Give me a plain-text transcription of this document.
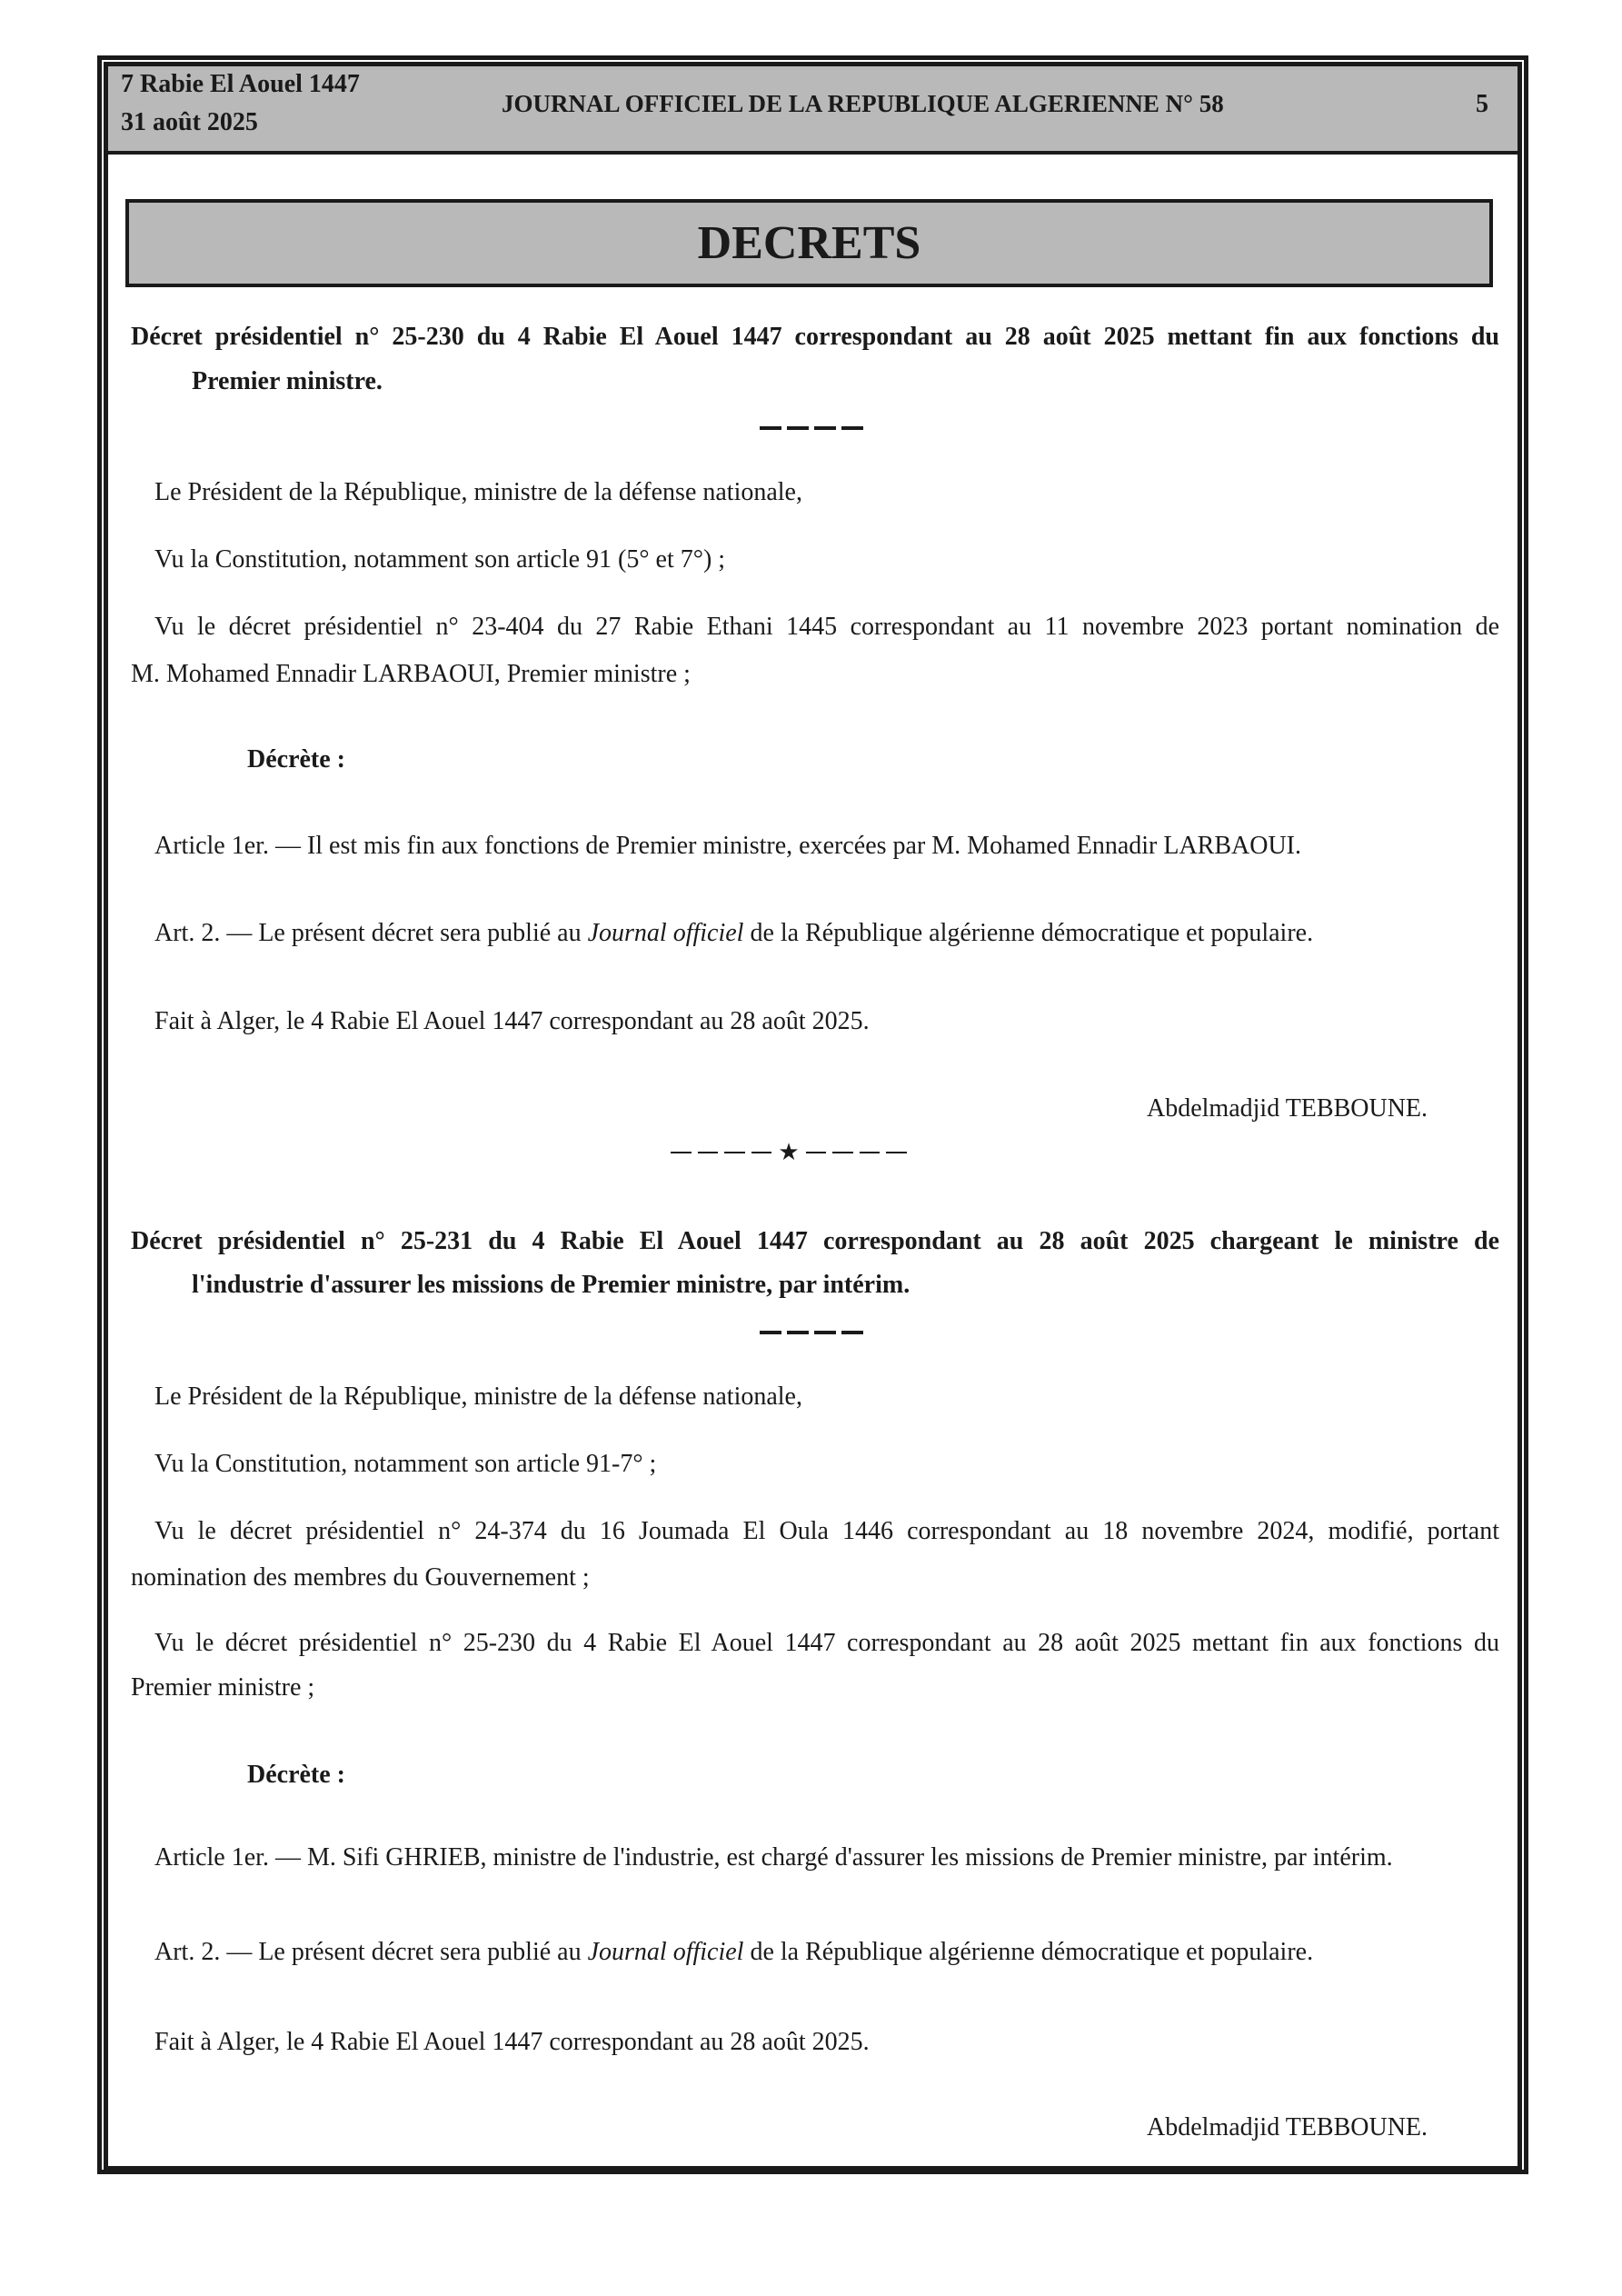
7 Rabie El Aouel 1447
31 août 2025
JOURNAL OFFICIEL DE LA REPUBLIQUE ALGERIENNE N° 58	5
DECRETS
Décret présidentiel n° 25-230 du 4 Rabie El Aouel 1447 correspondant au 28 août 2025 mettant fin aux fonctions du
Premier ministre.
Le Président de la République, ministre de la défense nationale,
Vu la Constitution, notamment son article 91 (5° et 7°) ;
Vu le décret présidentiel n° 23-404 du 27 Rabie Ethani 1445 correspondant au 11 novembre 2023 portant nomination de
M. Mohamed Ennadir LARBAOUI, Premier ministre ;
Décrète :
Article 1er. — Il est mis fin aux fonctions de Premier ministre, exercées par M. Mohamed Ennadir LARBAOUI.
Art. 2. — Le présent décret sera publié au Journal officiel de la République algérienne démocratique et populaire.
Fait à Alger, le 4 Rabie El Aouel 1447 correspondant au 28 août 2025.
Abdelmadjid TEBBOUNE.
★
Décret présidentiel n° 25-231 du 4 Rabie El Aouel 1447 correspondant au 28 août 2025 chargeant le ministre de
l'industrie d'assurer les missions de Premier ministre, par intérim.
Le Président de la République, ministre de la défense nationale,
Vu la Constitution, notamment son article 91-7° ;
Vu le décret présidentiel n° 24-374 du 16 Joumada El Oula 1446 correspondant au 18 novembre 2024, modifié, portant
nomination des membres du Gouvernement ;
Vu le décret présidentiel n° 25-230 du 4 Rabie El Aouel 1447 correspondant au 28 août 2025 mettant fin aux fonctions du
Premier ministre ;
Décrète :
Article 1er. — M. Sifi GHRIEB, ministre de l'industrie, est chargé d'assurer les missions de Premier ministre, par intérim.
Art. 2. — Le présent décret sera publié au Journal officiel de la République algérienne démocratique et populaire.
Fait à Alger, le 4 Rabie El Aouel 1447 correspondant au 28 août 2025.
Abdelmadjid TEBBOUNE.
